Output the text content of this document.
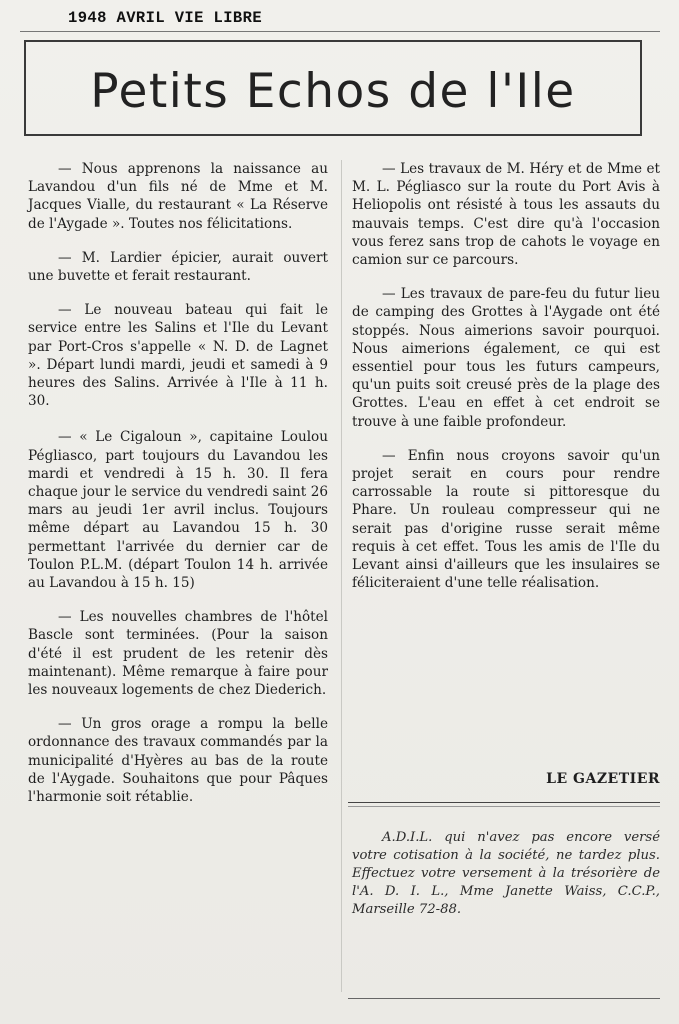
1948 AVRIL VIE LIBRE
Petits Echos de l'Ile

— Nous apprenons la naissance au Lavandou d'un fils né de Mme et M. Jacques Vialle, du restaurant « La Réserve de l'Aygade ». Toutes nos félicitations.

— M. Lardier épicier, aurait ouvert une buvette et ferait restaurant.

— Le nouveau bateau qui fait le service entre les Salins et l'Ile du Levant par Port-Cros s'appelle « N. D. de Lagnet ». Départ lundi mardi, jeudi et samedi à 9 heures des Salins. Arrivée à l'Ile à 11 h. 30.

— « Le Cigaloun », capitaine Loulou Pégliasco, part toujours du Lavandou les mardi et vendredi à 15 h. 30. Il fera chaque jour le service du vendredi saint 26 mars au jeudi 1er avril inclus. Toujours même départ au Lavandou 15 h. 30 permettant l'arrivée du dernier car de Toulon P.L.M. (départ Toulon 14 h. arrivée au Lavandou à 15 h. 15)

— Les nouvelles chambres de l'hôtel Bascle sont terminées. (Pour la saison d'été il est prudent de les retenir dès maintenant). Même remarque à faire pour les nouveaux logements de chez Diederich.

— Un gros orage a rompu la belle ordonnance des travaux commandés par la municipalité d'Hyères au bas de la route de l'Aygade. Souhaitons que pour Pâques l'harmonie soit rétablie.

— Les travaux de M. Héry et de Mme et M. L. Pégliasco sur la route du Port Avis à Heliopolis ont résisté à tous les assauts du mauvais temps. C'est dire qu'à l'occasion vous ferez sans trop de cahots le voyage en camion sur ce parcours.

— Les travaux de pare-feu du futur lieu de camping des Grottes à l'Aygade ont été stoppés. Nous aimerions savoir pourquoi. Nous aimerions également, ce qui est essentiel pour tous les futurs campeurs, qu'un puits soit creusé près de la plage des Grottes. L'eau en effet à cet endroit se trouve à une faible profondeur.

— Enfin nous croyons savoir qu'un projet serait en cours pour rendre carrossable la route si pittoresque du Phare. Un rouleau compresseur qui ne serait pas d'origine russe serait même requis à cet effet. Tous les amis de l'Ile du Levant ainsi d'ailleurs que les insulaires se féliciteraient d'une telle réalisation.

LE GAZETIER

A.D.I.L. qui n'avez pas encore versé votre cotisation à la société, ne tardez plus. Effectuez votre versement à la trésorière de l'A. D. I. L., Mme Janette Waiss, C.C.P., Marseille 72-88.
